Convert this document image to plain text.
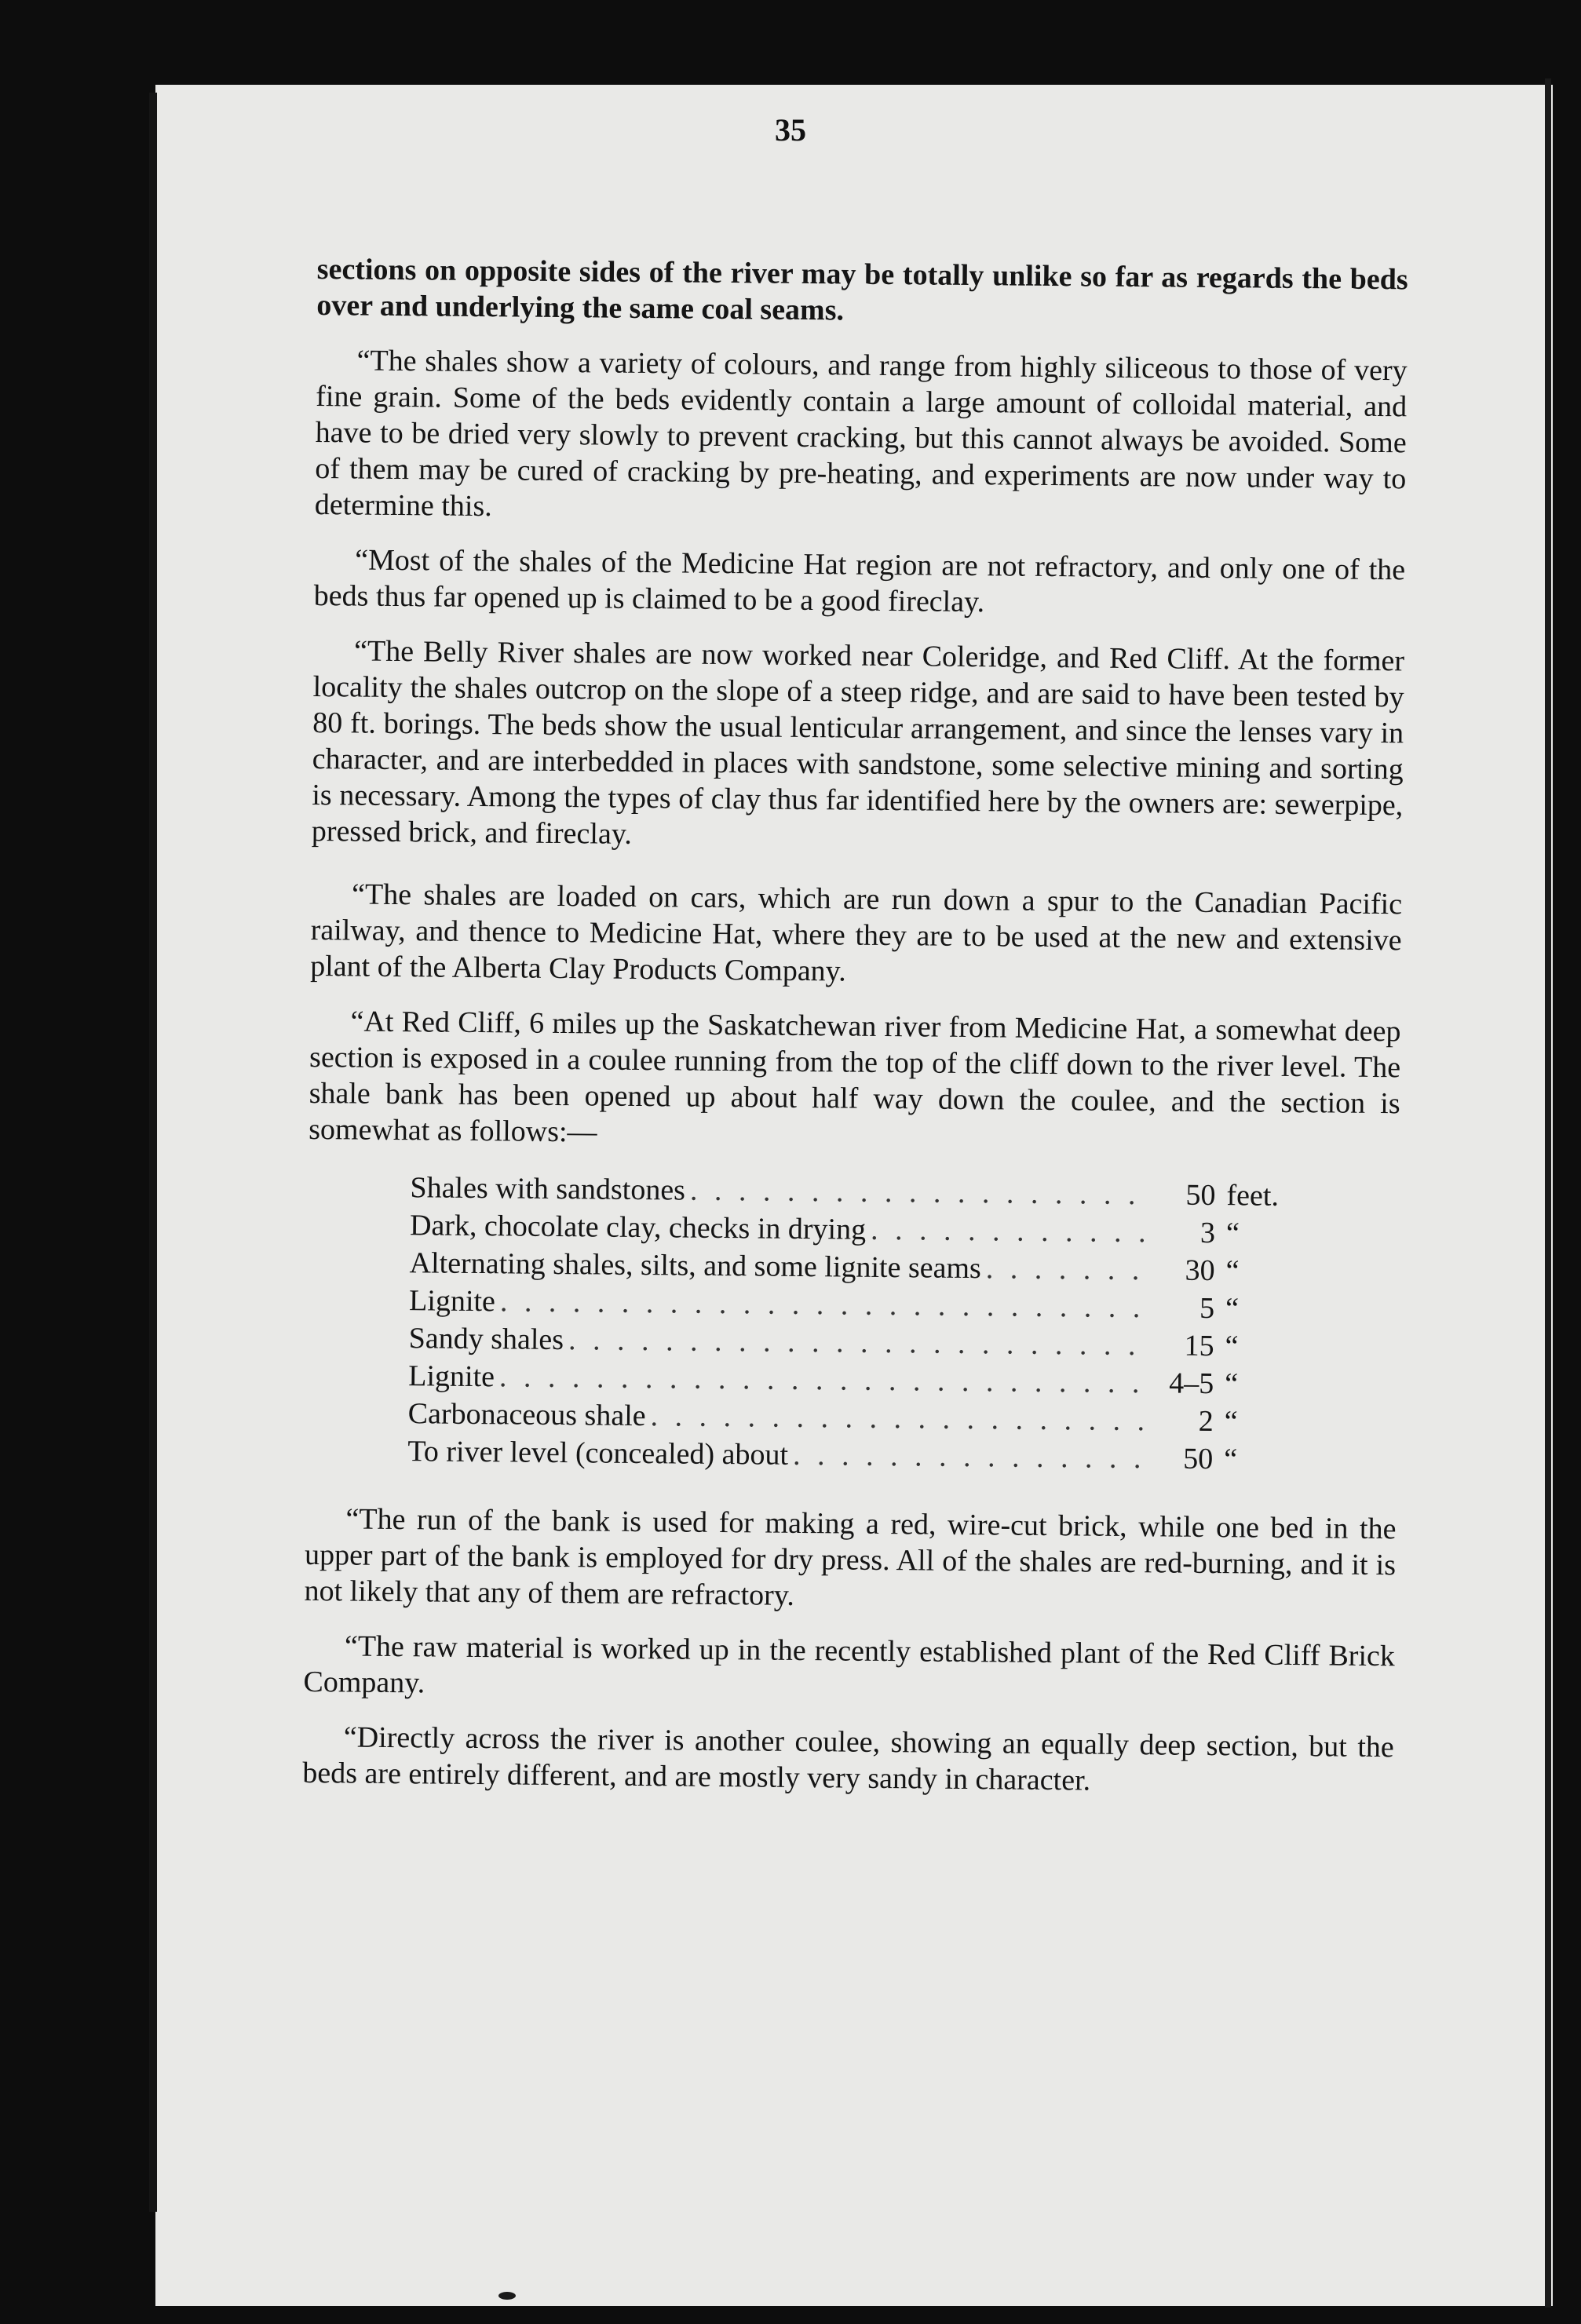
35

sections on opposite sides of the river may be totally unlike so far as regards the beds over and underlying the same coal seams.

“The shales show a variety of colours, and range from highly siliceous to those of very fine grain. Some of the beds evidently contain a large amount of colloidal material, and have to be dried very slowly to prevent cracking, but this cannot always be avoided. Some of them may be cured of cracking by pre-heating, and experiments are now under way to determine this.

“Most of the shales of the Medicine Hat region are not refractory, and only one of the beds thus far opened up is claimed to be a good fireclay.

“The Belly River shales are now worked near Coleridge, and Red Cliff. At the former locality the shales outcrop on the slope of a steep ridge, and are said to have been tested by 80 ft. borings. The beds show the usual lenticular arrangement, and since the lenses vary in character, and are interbedded in places with sandstone, some selective mining and sorting is necessary. Among the types of clay thus far identified here by the owners are: sewerpipe, pressed brick, and fireclay.

“The shales are loaded on cars, which are run down a spur to the Canadian Pacific railway, and thence to Medicine Hat, where they are to be used at the new and extensive plant of the Alberta Clay Products Company.

“At Red Cliff, 6 miles up the Saskatchewan river from Medicine Hat, a somewhat deep section is exposed in a coulee running from the top of the cliff down to the river level. The shale bank has been opened up about half way down the coulee, and the section is somewhat as follows:—

Shales with sandstones . . .	50 feet.
Dark, chocolate clay, checks in drying . . .	3 “
Alternating shales, silts, and some lignite seams . . .	30 “
Lignite . . .	5 “
Sandy shales . . .	15 “
Lignite . . .	4–5 “
Carbonaceous shale . . .	2 “
To river level (concealed) about . . .	50 “

“The run of the bank is used for making a red, wire-cut brick, while one bed in the upper part of the bank is employed for dry press. All of the shales are red-burning, and it is not likely that any of them are refractory.

“The raw material is worked up in the recently established plant of the Red Cliff Brick Company.

“Directly across the river is another coulee, showing an equally deep section, but the beds are entirely different, and are mostly very sandy in character.
